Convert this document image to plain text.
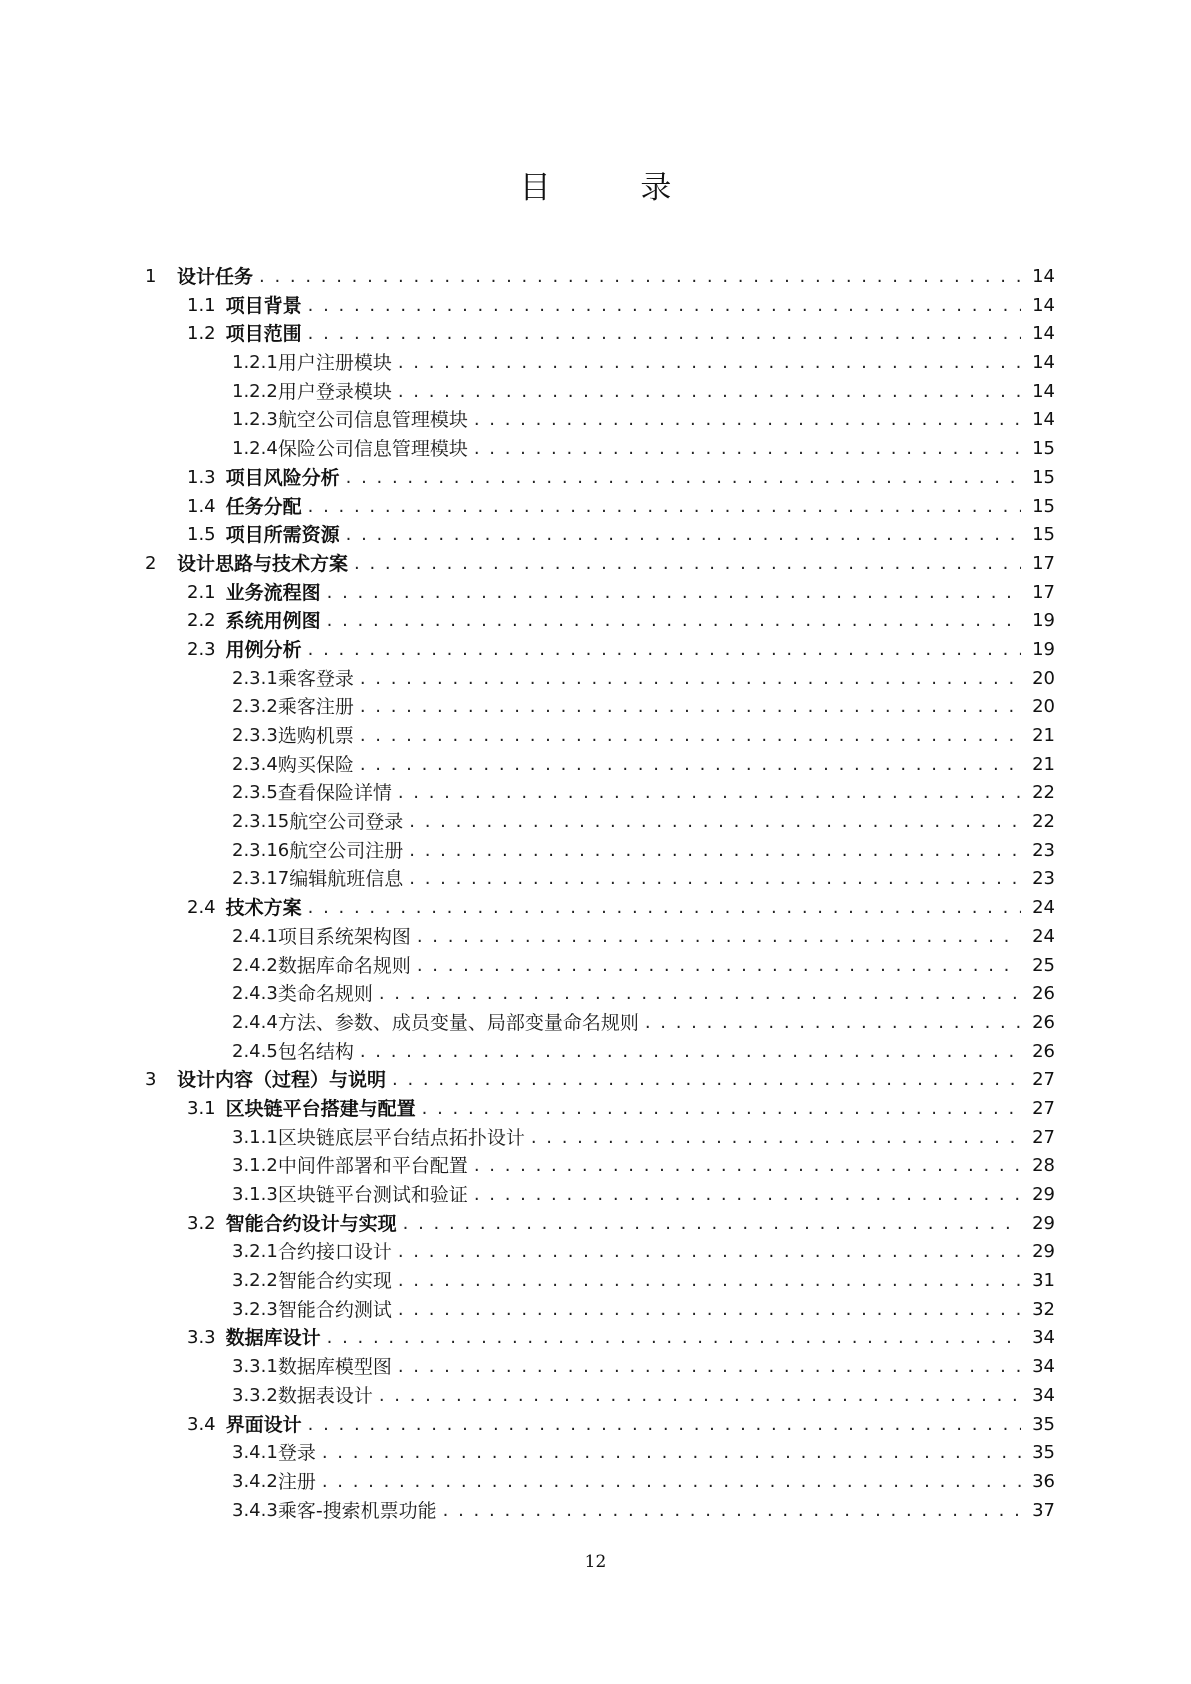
目 录
1	设计任务 . . .	14
1.1 项目背景 . . .	14
1.2 项目范围 . . .	14
1.2.1 用户注册模块 . . .	14
1.2.2 用户登录模块 . . .	14
1.2.3 航空公司信息管理模块 . . .	14
1.2.4 保险公司信息管理模块 . . .	15
1.3 项目风险分析 . . .	15
1.4 任务分配 . . .	15
1.5 项目所需资源 . . .	15
2	设计思路与技术方案 . . .	17
2.1 业务流程图 . . .	17
2.2 系统用例图 . . .	19
2.3 用例分析 . . .	19
2.3.1 乘客登录 . . .	20
2.3.2 乘客注册 . . .	20
2.3.3 选购机票 . . .	21
2.3.4 购买保险 . . .	21
2.3.5 查看保险详情 . . .	22
2.3.15 航空公司登录 . . .	22
2.3.16 航空公司注册 . . .	23
2.3.17 编辑航班信息 . . .	23
2.4 技术方案 . . .	24
2.4.1 项目系统架构图 . . .	24
2.4.2 数据库命名规则 . . .	25
2.4.3 类命名规则 . . .	26
2.4.4 方法、参数、成员变量、局部变量命名规则 . . .	26
2.4.5 包名结构 . . .	26
3	设计内容（过程）与说明 . . .	27
3.1 区块链平台搭建与配置 . . .	27
3.1.1 区块链底层平台结点拓扑设计 . . .	27
3.1.2 中间件部署和平台配置 . . .	28
3.1.3 区块链平台测试和验证 . . .	29
3.2 智能合约设计与实现 . . .	29
3.2.1 合约接口设计 . . .	29
3.2.2 智能合约实现 . . .	31
3.2.3 智能合约测试 . . .	32
3.3 数据库设计 . . .	34
3.3.1 数据库模型图 . . .	34
3.3.2 数据表设计 . . .	34
3.4 界面设计 . . .	35
3.4.1 登录 . . .	35
3.4.2 注册 . . .	36
3.4.3 乘客-搜索机票功能 . . .	37
12
